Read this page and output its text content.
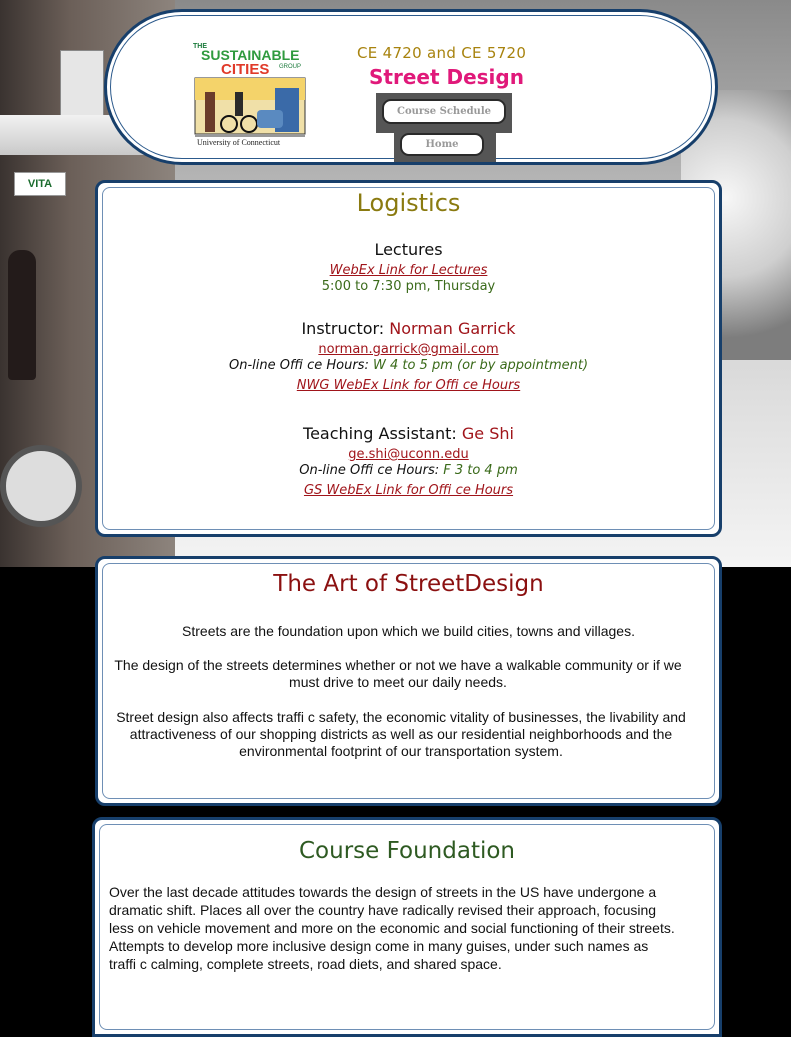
VITA
THE
SUSTAINABLE
CITIES GROUP
University of Connecticut
CE 4720 and CE 5720
Street Design
Course Schedule
Home
Logistics
Lectures
WebEx Link for Lectures
5:00 to 7:30 pm, Thursday
Instructor: Norman Garrick
norman.garrick@gmail.com
On-line Offi ce Hours: W 4 to 5 pm (or by appointment)
NWG WebEx Link for Offi ce Hours
Teaching Assistant: Ge Shi
ge.shi@uconn.edu
On-line Offi ce Hours: F 3 to 4 pm
GS WebEx Link for Offi ce Hours
The Art of StreetDesign
Streets are the foundation upon which we build cities, towns and villages.
The design of the streets determines whether or not we have a walkable community or if we must drive to meet our daily needs.
Street design also affects traffi c safety, the economic vitality of businesses, the livability and attractiveness of our shopping districts as well as our residential neighborhoods and the environmental footprint of our transportation system.
Course Foundation
Over the last decade attitudes towards the design of streets in the US have undergone a dramatic shift. Places all over the country have radically revised their approach, focusing less on vehicle movement and more on the economic and social functioning of their streets. Attempts to develop more inclusive design come in many guises, under such names as traffi c calming, complete streets, road diets, and shared space.
